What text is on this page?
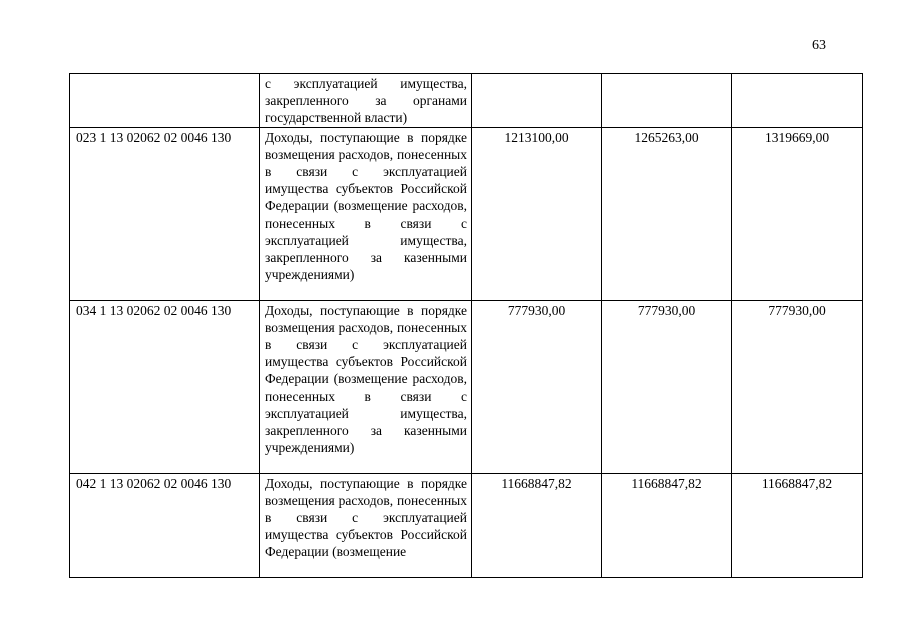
63

	с эксплуатацией имущества, закрепленного за органами государственной власти)			

023 1 13 02062 02 0046 130	Доходы, поступающие в порядке возмещения расходов, понесенных в связи с эксплуатацией имущества субъектов Российской Федерации (возмещение расходов, понесенных в связи с эксплуатацией имущества, закрепленного за казенными учреждениями)	1213100,00	1265263,00	1319669,00
034 1 13 02062 02 0046 130	Доходы, поступающие в порядке возмещения расходов, понесенных в связи с эксплуатацией имущества субъектов Российской Федерации (возмещение расходов, понесенных в связи с эксплуатацией имущества, закрепленного за казенными учреждениями)	777930,00	777930,00	777930,00
042 1 13 02062 02 0046 130	Доходы, поступающие в порядке возмещения расходов, понесенных в связи с эксплуатацией имущества субъектов Российской Федерации (возмещение	11668847,82	11668847,82	11668847,82
